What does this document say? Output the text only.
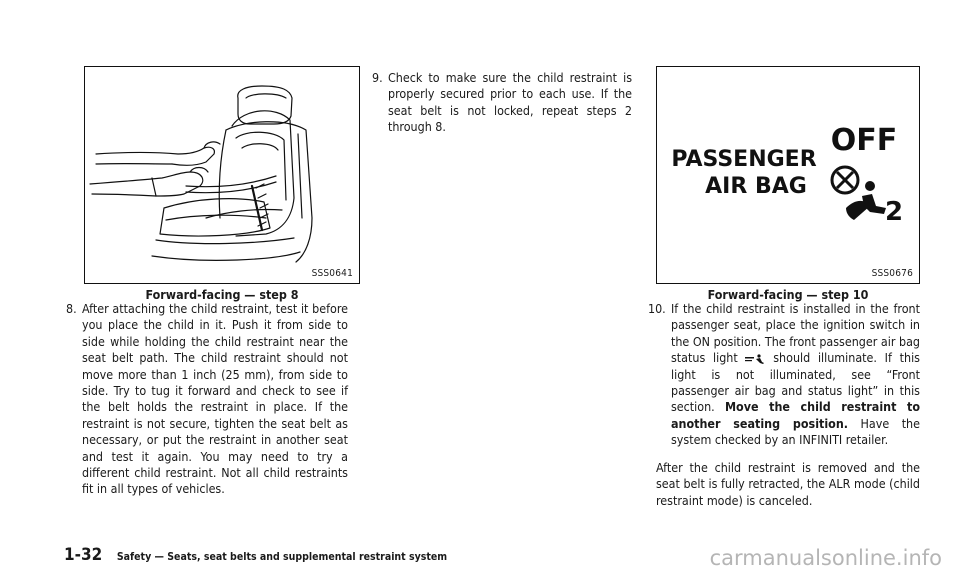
SSS0641
Forward-facing — step 8
8. After attaching the child restraint, test it before you place the child in it. Push it from side to side while holding the child restraint near the seat belt path. The child restraint should not move more than 1 inch (25 mm), from side to side. Try to tug it forward and check to see if the belt holds the restraint in place. If the restraint is not secure, tighten the seat belt as necessary, or put the restraint in another seat and test it again. You may need to try a different child restraint. Not all child restraints fit in all types of vehicles.
9. Check to make sure the child restraint is properly secured prior to each use. If the seat belt is not locked, repeat steps 2 through 8.
PASSENGER
AIR BAG
OFF
2
SSS0676
Forward-facing — step 10
10. If the child restraint is installed in the front passenger seat, place the ignition switch in the ON position. The front passenger air bag status light	should illuminate. If this light is not illuminated, see “Front passenger air bag and status light” in this section. Move the child restraint to another seating position. Have the system checked by an INFINITI retailer.

After the child restraint is removed and the seat belt is fully retracted, the ALR mode (child restraint mode) is canceled.

1-32 Safety — Seats, seat belts and supplemental restraint system	carmanualsonline.info
